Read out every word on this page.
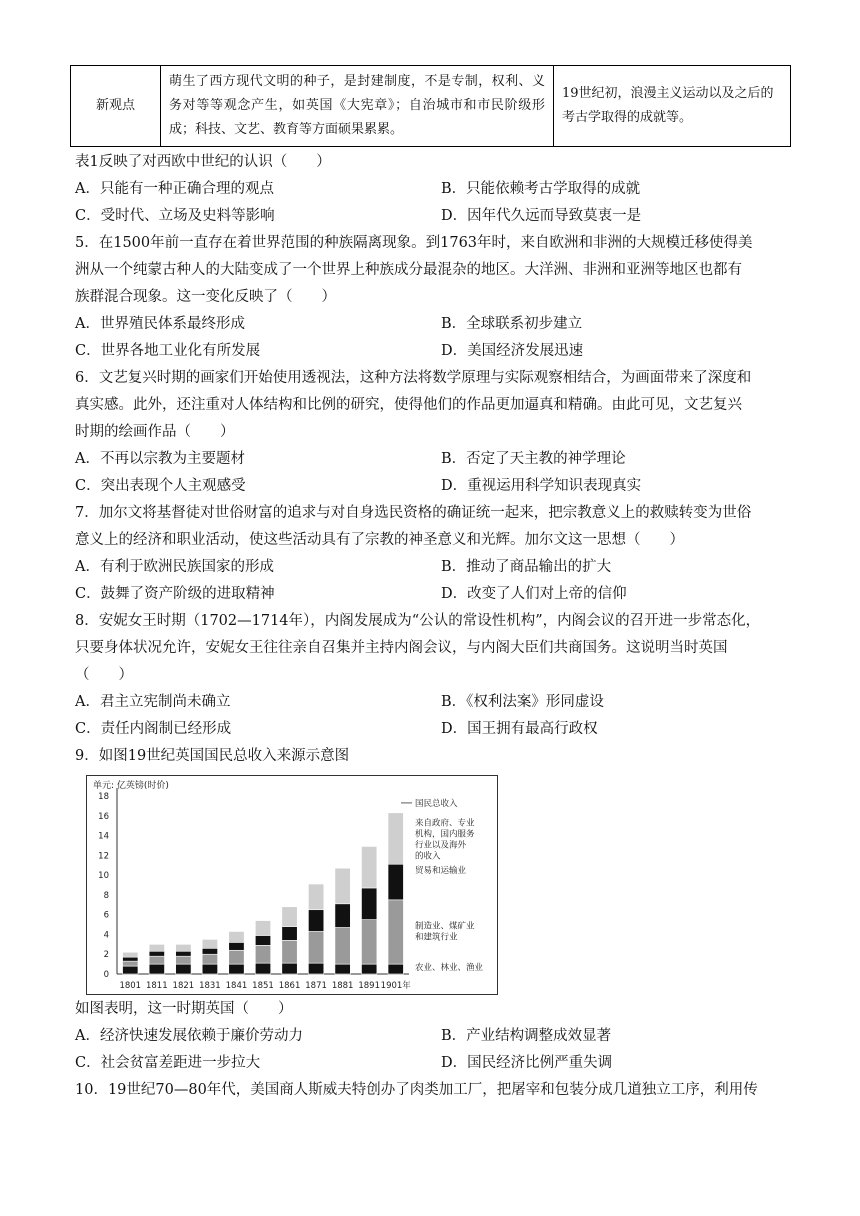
新观点	萌生了西方现代文明的种子，是封建制度，不是专制，权利、义务对等等观念产生，如英国《大宪章》；自治城市和市民阶级形成；科技、文艺、教育等方面硕果累累。	19世纪初，浪漫主义运动以及之后的考古学取得的成就等。
表1反映了对西欧中世纪的认识（　　）
A．只能有一种正确合理的观点	B．只能依赖考古学取得的成就
C．受时代、立场及史料等影响	D．因年代久远而导致莫衷一是
5．在1500年前一直存在着世界范围的种族隔离现象。到1763年时，来自欧洲和非洲的大规模迁移使得美
洲从一个纯蒙古种人的大陆变成了一个世界上种族成分最混杂的地区。大洋洲、非洲和亚洲等地区也都有
族群混合现象。这一变化反映了（　　）
A．世界殖民体系最终形成	B．全球联系初步建立
C．世界各地工业化有所发展	D．美国经济发展迅速
6．文艺复兴时期的画家们开始使用透视法，这种方法将数学原理与实际观察相结合，为画面带来了深度和
真实感。此外，还注重对人体结构和比例的研究，使得他们的作品更加逼真和精确。由此可见，文艺复兴
时期的绘画作品（　　）
A．不再以宗教为主要题材	B．否定了天主教的神学理论
C．突出表现个人主观感受	D．重视运用科学知识表现真实
7．加尔文将基督徒对世俗财富的追求与对自身选民资格的确证统一起来，把宗教意义上的救赎转变为世俗
意义上的经济和职业活动，使这些活动具有了宗教的神圣意义和光辉。加尔文这一思想（　　）
A．有利于欧洲民族国家的形成	B．推动了商品输出的扩大
C．鼓舞了资产阶级的进取精神	D．改变了人们对上帝的信仰
8．安妮女王时期（1702—1714年），内阁发展成为“公认的常设性机构”，内阁会议的召开进一步常态化，
只要身体状况允许，安妮女王往往亲自召集并主持内阁会议，与内阁大臣们共商国务。这说明当时英国
（　　）
A．君主立宪制尚未确立	B．《权利法案》形同虚设
C．责任内阁制已经形成	D．国王拥有最高行政权
9．如图19世纪英国国民总收入来源示意图
单元: 亿英镑(时价)
0
2
4
6
8
10
12
14
16
18
1801 1811 1821 1831 1841 1851 1861 1871 1881 1891 1901年
国民总收入
来自政府、专业
机构，国内服务
行业以及海外
的收入
贸易和运输业
制造业、煤矿业
和建筑行业
农业、林业、渔业
如图表明，这一时期英国（　　）
A．经济快速发展依赖于廉价劳动力	B．产业结构调整成效显著
C．社会贫富差距进一步拉大	D．国民经济比例严重失调
10．19世纪70—80年代，美国商人斯威夫特创办了肉类加工厂，把屠宰和包装分成几道独立工序，利用传
